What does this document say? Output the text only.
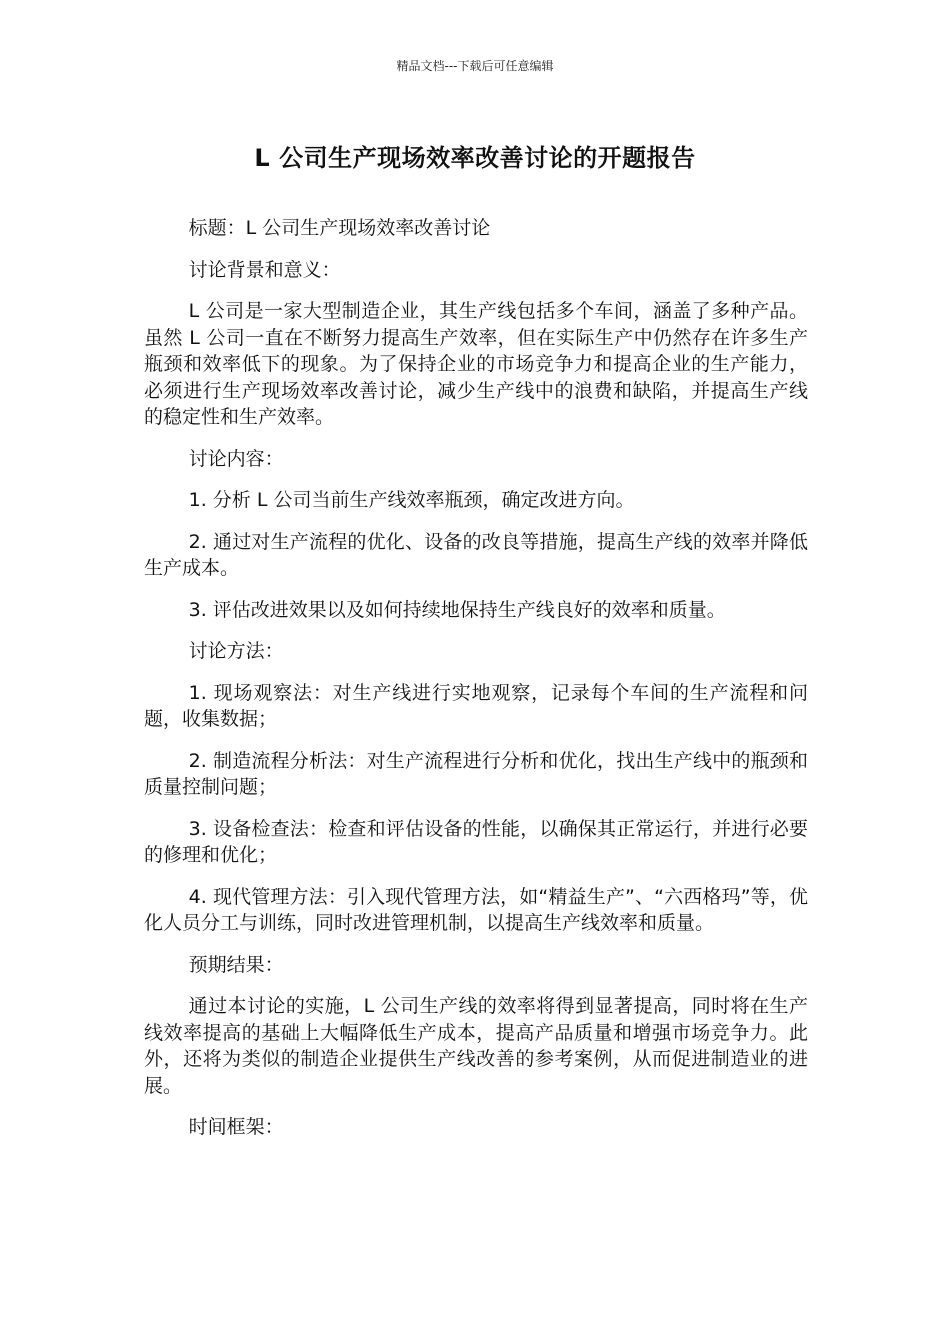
精品文档---下载后可任意编辑
L 公司生产现场效率改善讨论的开题报告

标题：L 公司生产现场效率改善讨论

讨论背景和意义：

L 公司是一家大型制造企业，其生产线包括多个车间，涵盖了多种产品。虽然 L 公司一直在不断努力提高生产效率，但在实际生产中仍然存在许多生产瓶颈和效率低下的现象。为了保持企业的市场竞争力和提高企业的生产能力，必须进行生产现场效率改善讨论，减少生产线中的浪费和缺陷，并提高生产线的稳定性和生产效率。

讨论内容：

1. 分析 L 公司当前生产线效率瓶颈，确定改进方向。

2. 通过对生产流程的优化、设备的改良等措施，提高生产线的效率并降低生产成本。

3. 评估改进效果以及如何持续地保持生产线良好的效率和质量。

讨论方法：

1. 现场观察法：对生产线进行实地观察，记录每个车间的生产流程和问题，收集数据；

2. 制造流程分析法：对生产流程进行分析和优化，找出生产线中的瓶颈和质量控制问题；

3. 设备检查法：检查和评估设备的性能，以确保其正常运行，并进行必要的修理和优化；

4. 现代管理方法：引入现代管理方法，如“精益生产”、“六西格玛”等，优化人员分工与训练，同时改进管理机制，以提高生产线效率和质量。

预期结果：

通过本讨论的实施，L 公司生产线的效率将得到显著提高，同时将在生产线效率提高的基础上大幅降低生产成本，提高产品质量和增强市场竞争力。此外，还将为类似的制造企业提供生产线改善的参考案例，从而促进制造业的进展。

时间框架：
